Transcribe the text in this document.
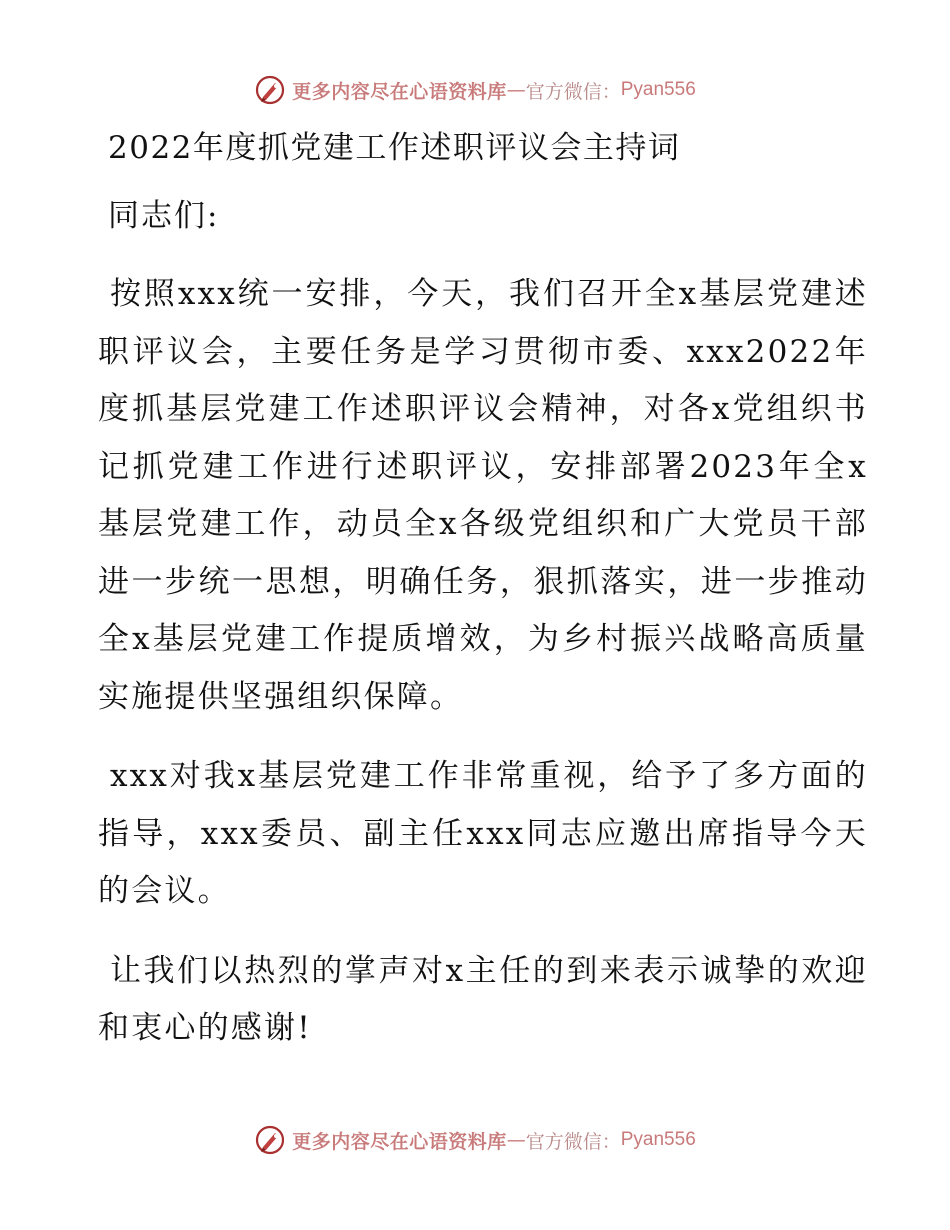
更多内容尽在心语资料库 — 官方微信： Pyan556
2022年度抓党建工作述职评议会主持词

同志们:

按照xxx统一安排，今天，我们召开全x基层党建述职评议会，主要任务是学习贯彻市委、xxx2022年度抓基层党建工作述职评议会精神，对各x党组织书记抓党建工作进行述职评议，安排部署2023年全x基层党建工作，动员全x各级党组织和广大党员干部进一步统一思想，明确任务，狠抓落实，进一步推动全x基层党建工作提质增效，为乡村振兴战略高质量实施提供坚强组织保障。

xxx对我x基层党建工作非常重视，给予了多方面的指导，xxx委员、副主任xxx同志应邀出席指导今天的会议。

让我们以热烈的掌声对x主任的到来表示诚挚的欢迎和衷心的感谢!

更多内容尽在心语资料库 — 官方微信： Pyan556
